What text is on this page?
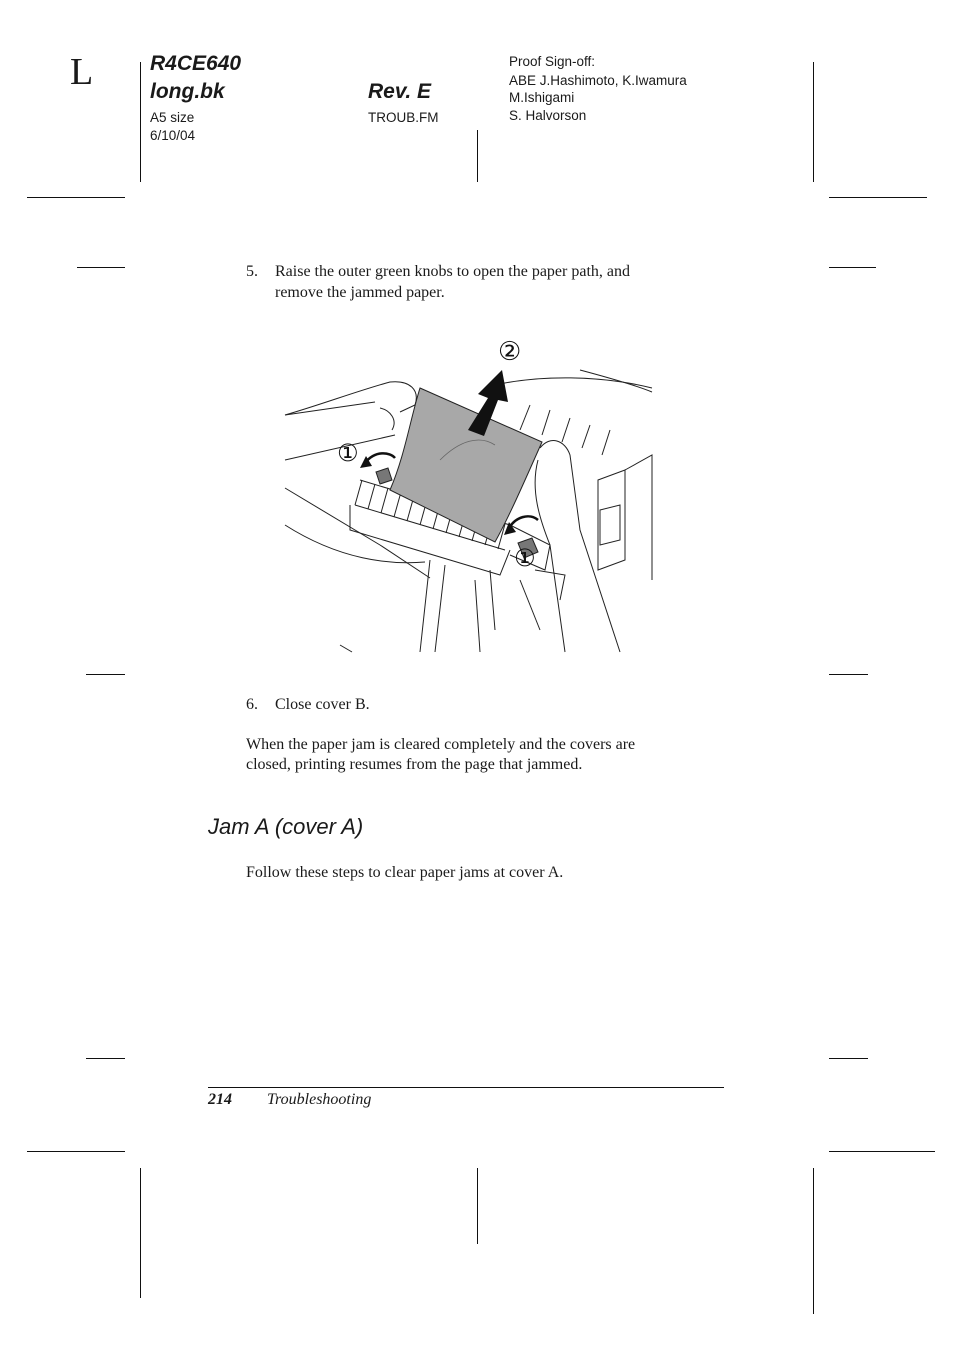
L	R4CE640
long.bk
A5 size
6/10/04
Rev. E
TROUB.FM
Proof Sign-off:
ABE J.Hashimoto, K.Iwamura
M.Ishigami
S. Halvorson
5. Raise the outer green knobs to open the paper path, and
remove the jammed paper.
①
①
②
6. Close cover B.
When the paper jam is cleared completely and the covers are
closed, printing resumes from the page that jammed.
Jam A (cover A)
Follow these steps to clear paper jams at cover A.
214 Troubleshooting
